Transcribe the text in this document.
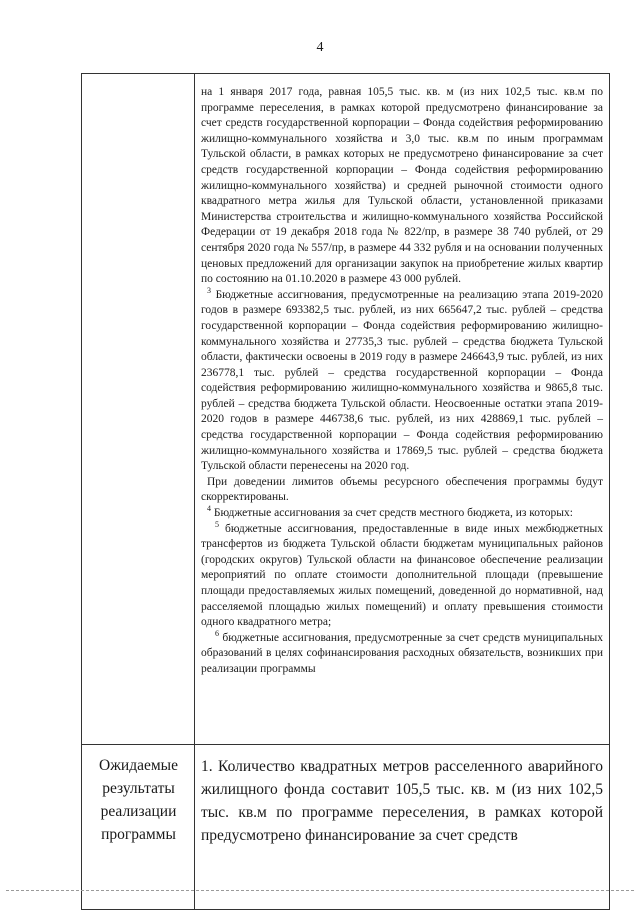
4
Ожидаемые
результаты
реализации
программы

на 1 января 2017 года, равная 105,5 тыс. кв. м (из них 102,5 тыс. кв.м по программе переселения, в рамках которой предусмотрено финансирование за счет средств государственной корпорации – Фонда содействия реформированию жилищно-коммунального хозяйства и 3,0 тыс. кв.м по иным программам Тульской области, в рамках которых не предусмотрено финансирование за счет средств государственной корпорации – Фонда содействия реформированию жилищно-коммунального хозяйства) и средней рыночной стоимости одного квадратного метра жилья для Тульской области, установленной приказами Министерства строительства и жилищно-коммунального хозяйства Российской Федерации от 19 декабря 2018 года № 822/пр, в размере 38 740 рублей, от 29 сентября 2020 года № 557/пр, в размере 44 332 рубля и на основании полученных ценовых предложений для организации закупок на приобретение жилых квартир по состоянию на 01.10.2020 в размере 43 000 рублей.

$^3$ Бюджетные ассигнования, предусмотренные на реализацию этапа 2019-2020 годов в размере 693382,5 тыс. рублей, из них 665647,2 тыс. рублей – средства государственной корпорации – Фонда содействия реформированию жилищно-коммунального хозяйства и 27735,3 тыс. рублей – средства бюджета Тульской области, фактически освоены в 2019 году в размере 246643,9 тыс. рублей, из них 236778,1 тыс. рублей – средства государственной корпорации – Фонда содействия реформированию жилищно-коммунального хозяйства и 9865,8 тыс. рублей – средства бюджета Тульской области. Неосвоенные остатки этапа 2019-2020 годов в размере 446738,6 тыс. рублей, из них 428869,1 тыс. рублей – средства государственной корпорации – Фонда содействия реформированию жилищно-коммунального хозяйства и 17869,5 тыс. рублей – средства бюджета Тульской области перенесены на 2020 год.

При доведении лимитов объемы ресурсного обеспечения программы будут скорректированы.

$^4$ Бюджетные ассигнования за счет средств местного бюджета, из которых:

$^5$ бюджетные ассигнования, предоставленные в виде иных межбюджетных трансфертов из бюджета Тульской области бюджетам муниципальных районов (городских округов) Тульской области на финансовое обеспечение реализации мероприятий по оплате стоимости дополнительной площади (превышение площади предоставляемых жилых помещений, доведенной до нормативной, над расселяемой площадью жилых помещений) и оплату превышения стоимости одного квадратного метра;

$^6$ бюджетные ассигнования, предусмотренные за счет средств муниципальных образований в целях софинансирования расходных обязательств, возникших при реализации программы

1. Количество квадратных метров расселенного аварийного жилищного фонда составит 105,5 тыс. кв. м (из них 102,5 тыс. кв.м по программе переселения, в рамках которой предусмотрено финансирование за счет средств
